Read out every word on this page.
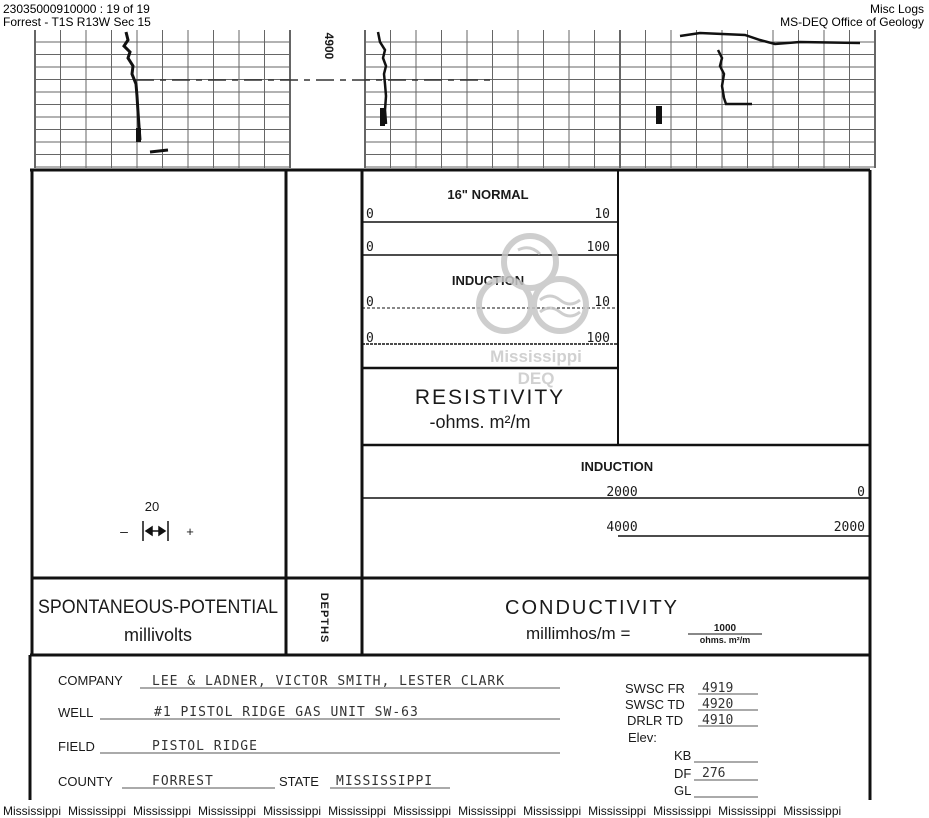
23035000910000 : 19 of 19
Forrest - T1S R13W Sec 15
Misc Logs
MS-DEQ Office of Geology
4900
16" NORMAL
0	10
0	100
INDUCTION
0	10
0	100
RESISTIVITY
-ohms. m²/m
INDUCTION
2000	0
4000	2000
CONDUCTIVITY
millimhos/m =	1000
ohms. m²/m
20
–	+
SPONTANEOUS-POTENTIAL
millivolts	DEPTHS
COMPANY LEE & LADNER, VICTOR SMITH, LESTER CLARK
WELL	#1 PISTOL RIDGE GAS UNIT SW-63
FIELD	PISTOL RIDGE
COUNTY	FORREST	STATE MISSISSIPPI
SWSC FR 4919
SWSC TD 4920
DRLR TD 4910
Elev:
KB
DF 276
GL
Mississippi
DEQ
Mississippi Mississippi Mississippi Mississippi Mississippi Mississippi Mississippi Mississippi Mississippi Mississippi Mississippi Mississippi Mississippi
